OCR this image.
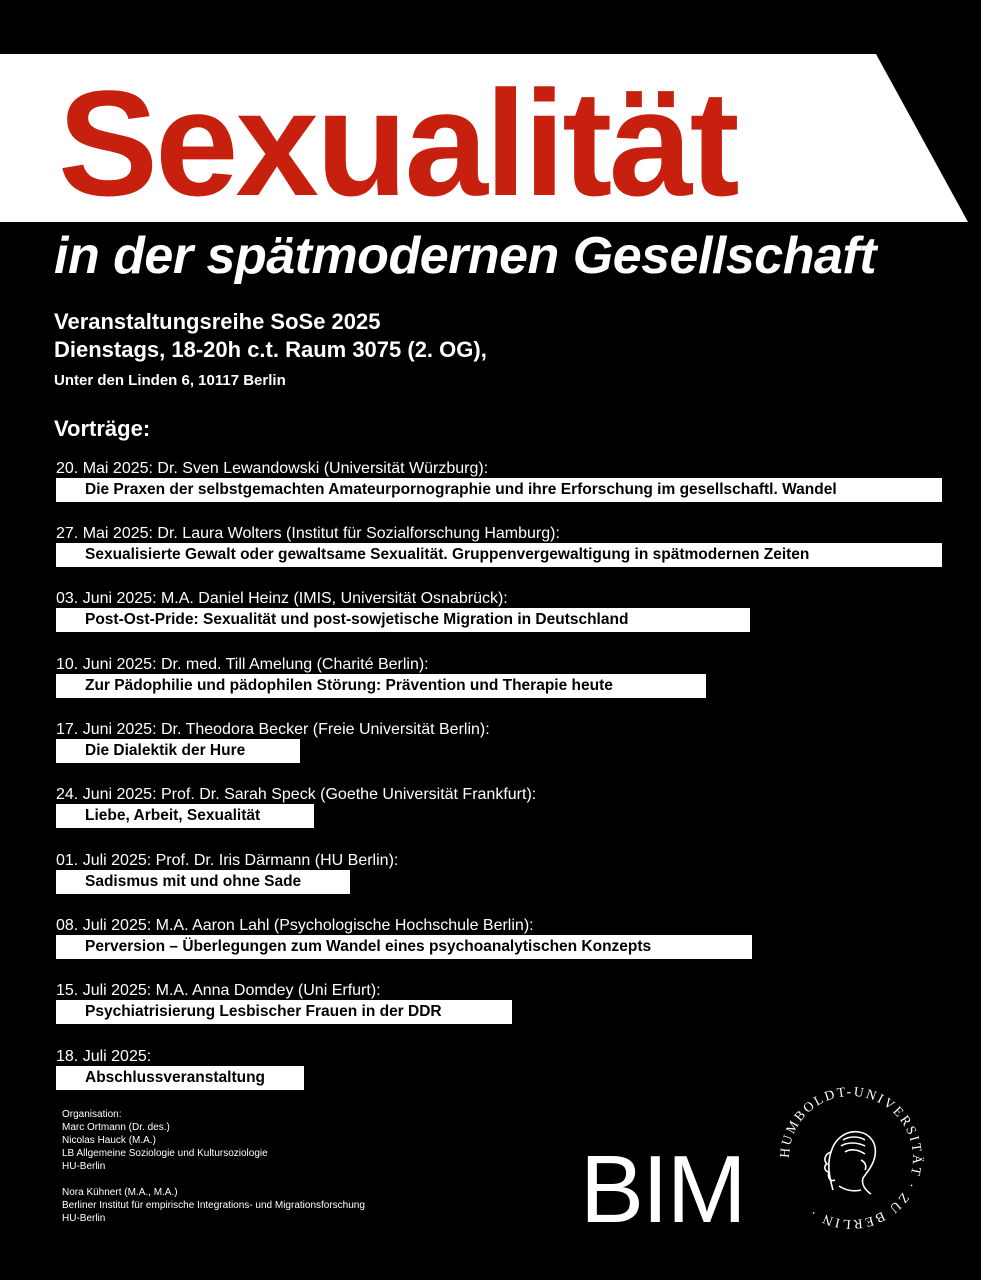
Sexualität
in der spätmodernen Gesellschaft
Veranstaltungsreihe SoSe 2025
Dienstags, 18-20h c.t. Raum 3075 (2. OG),
Unter den Linden 6, 10117 Berlin
Vorträge:
20. Mai 2025: Dr. Sven Lewandowski (Universität Würzburg):
Die Praxen der selbstgemachten Amateurpornographie und ihre Erforschung im gesellschaftl. Wandel
27. Mai 2025: Dr. Laura Wolters (Institut für Sozialforschung Hamburg):
Sexualisierte Gewalt oder gewaltsame Sexualität. Gruppenvergewaltigung in spätmodernen Zeiten
03. Juni 2025: M.A. Daniel Heinz (IMIS, Universität Osnabrück):
Post-Ost-Pride: Sexualität und post-sowjetische Migration in Deutschland
10. Juni 2025: Dr. med. Till Amelung (Charité Berlin):
Zur Pädophilie und pädophilen Störung: Prävention und Therapie heute
17. Juni 2025: Dr. Theodora Becker (Freie Universität Berlin):
Die Dialektik der Hure
24. Juni 2025: Prof. Dr. Sarah Speck (Goethe Universität Frankfurt):
Liebe, Arbeit, Sexualität
01. Juli 2025: Prof. Dr. Iris Därmann (HU Berlin):
Sadismus mit und ohne Sade
08. Juli 2025: M.A. Aaron Lahl (Psychologische Hochschule Berlin):
Perversion – Überlegungen zum Wandel eines psychoanalytischen Konzepts
15. Juli 2025: M.A. Anna Domdey (Uni Erfurt):
Psychiatrisierung Lesbischer Frauen in der DDR
18. Juli 2025:
Abschlussveranstaltung
Organisation:
Marc Ortmann (Dr. des.)
Nicolas Hauck (M.A.)
LB Allgemeine Soziologie und Kultursoziologie
HU-Berlin
Nora Kühnert (M.A., M.A.)
Berliner Institut für empirische Integrations- und Migrationsforschung
HU-Berlin	BIM HUMBOLDT-UNIVERSITÄT · ZU BERLIN ·
